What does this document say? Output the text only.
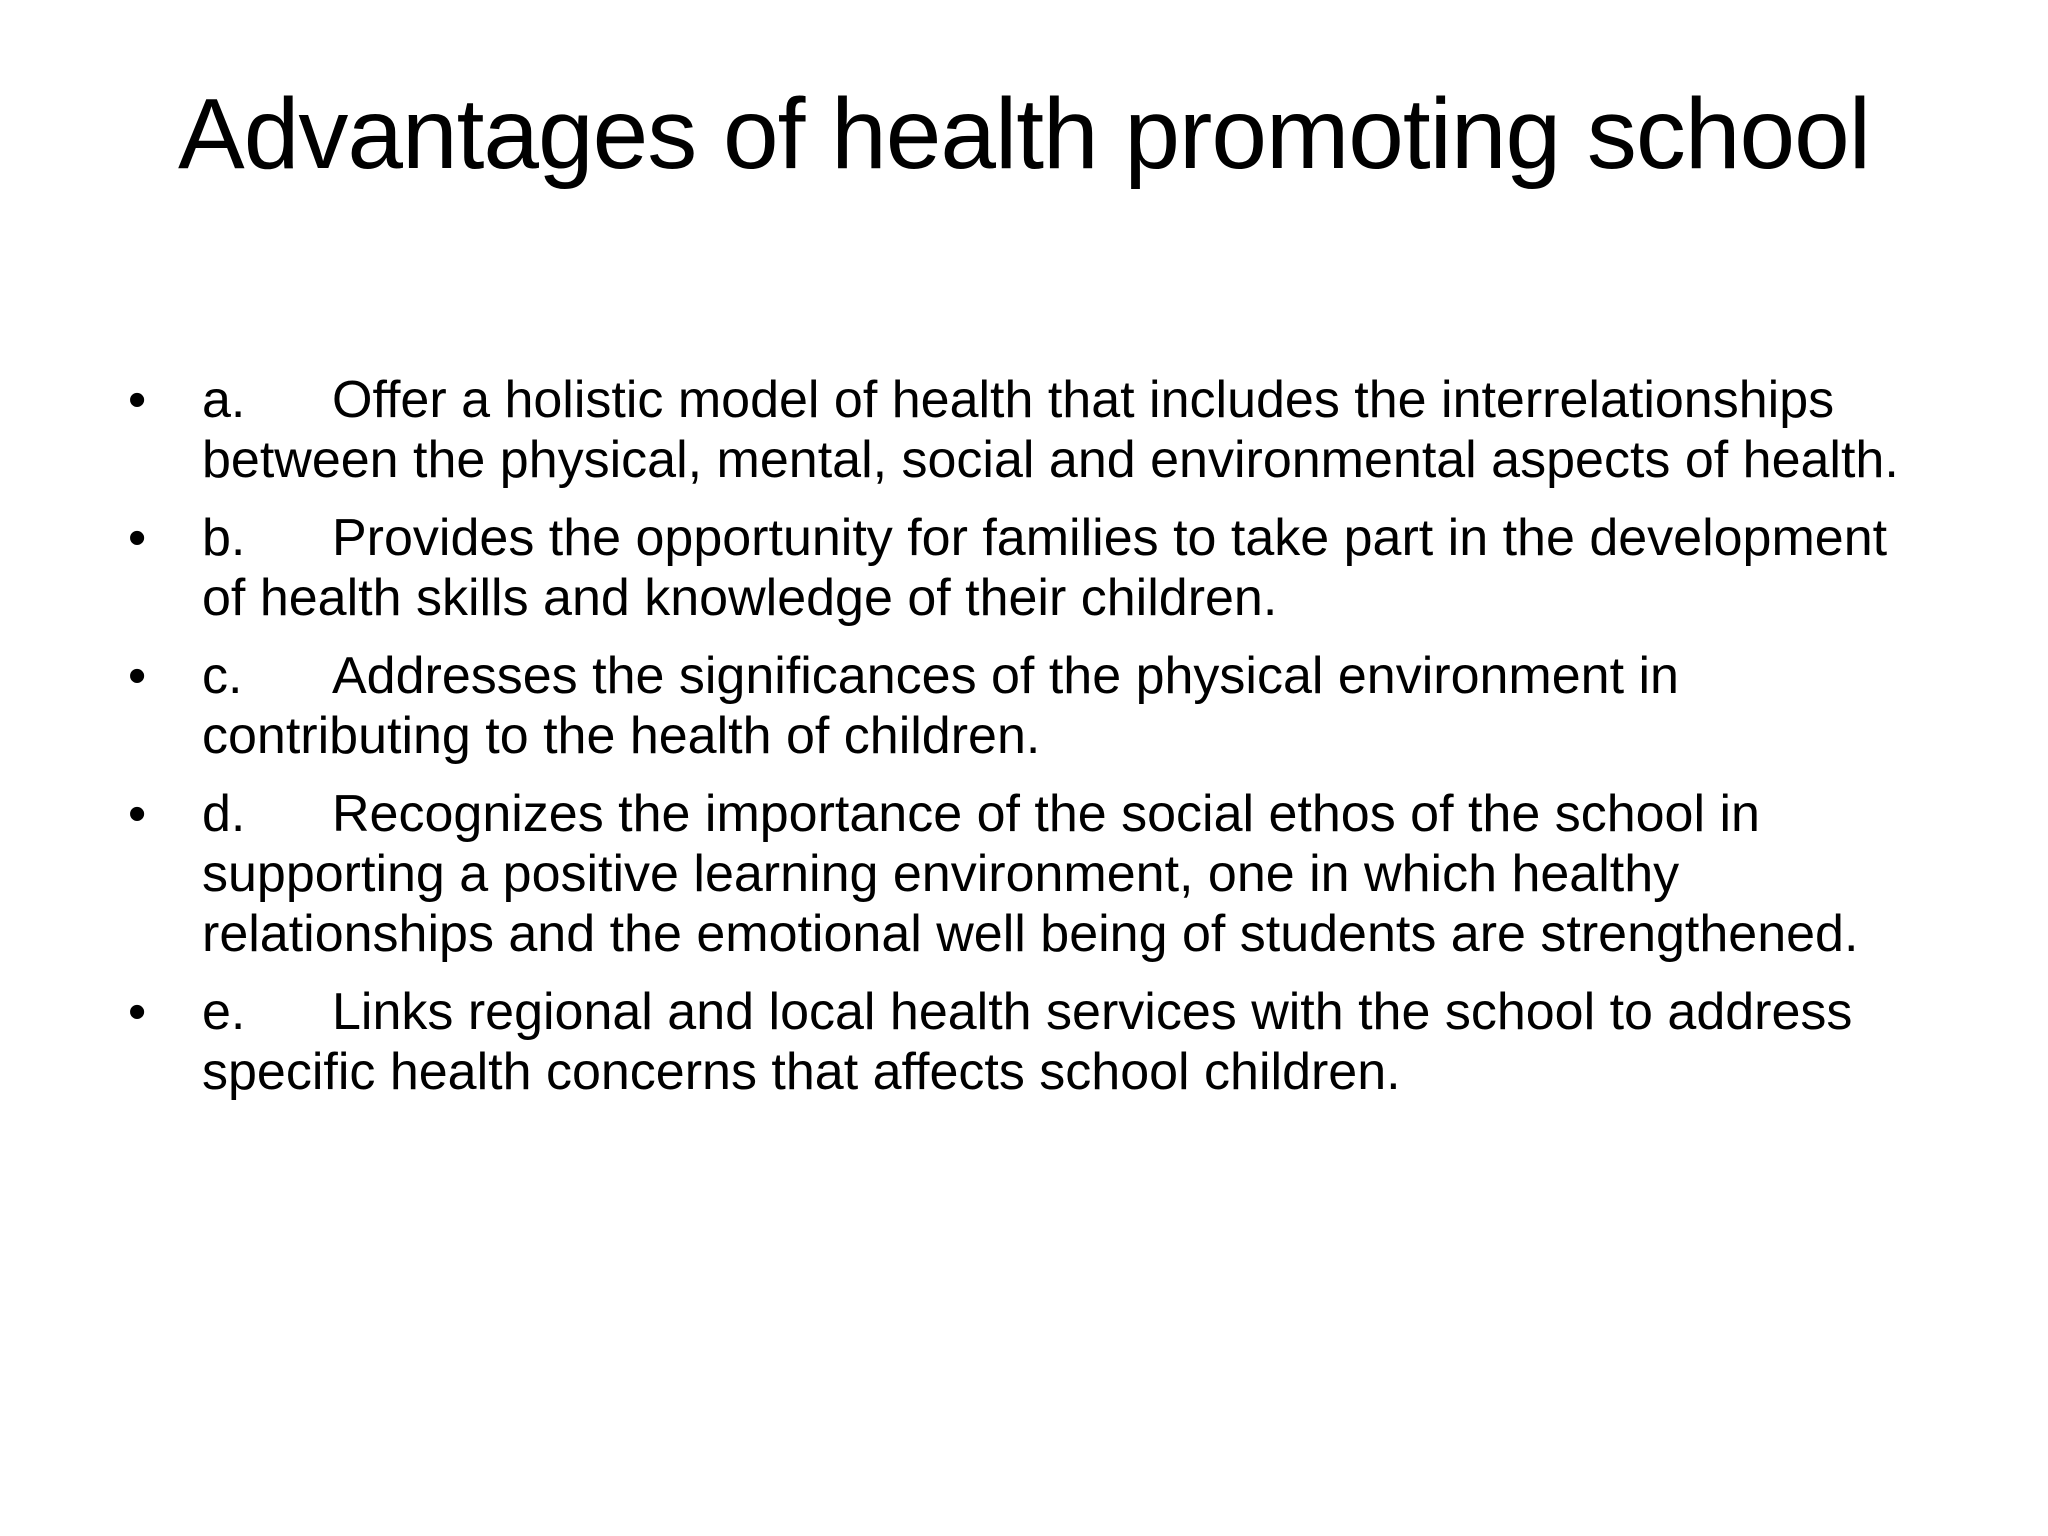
Advantages of health promoting school
•	a. Offer a holistic model of health that includes the interrelationships between the physical, mental, social and environmental aspects of health.
•	b. Provides the opportunity for families to take part in the development of health skills and knowledge of their children.
•	c. Addresses the significances of the physical environment in contributing to the health of children.
•	d. Recognizes the importance of the social ethos of the school in supporting a positive learning environment, one in which healthy relationships and the emotional well being of students are strengthened.
•	e. Links regional and local health services with the school to address specific health concerns that affects school children.
